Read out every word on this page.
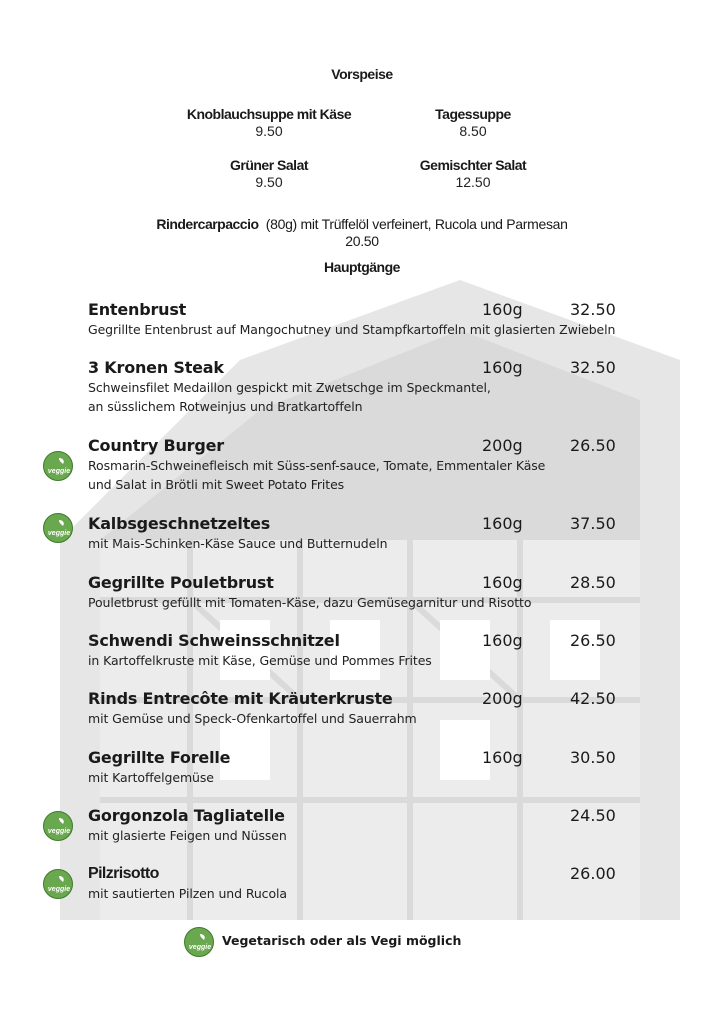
Vorspeise
Knoblauchsuppe mit Käse
9.50
Tagessuppe
8.50
Grüner Salat
9.50
Gemischter Salat
12.50
Rindercarpaccio (80g) mit Trüffelöl verfeinert, Rucola und Parmesan
20.50
Hauptgänge
Entenbrust
Gegrillte Entenbrust auf Mangochutney und Stampfkartoffeln mit glasierten Zwiebeln
160g	32.50
3 Kronen Steak
Schweinsfilet Medaillon gespickt mit Zwetschge im Speckmantel,
an süsslichem Rotweinjus und Bratkartoffeln
160g	32.50
Country Burger
Rosmarin-Schweinefleisch mit Süss-senf-sauce, Tomate, Emmentaler Käse
und Salat in Brötli mit Sweet Potato Frites
200g	26.50
Kalbsgeschnetzeltes
mit Mais-Schinken-Käse Sauce und Butternudeln
160g	37.50
Gegrillte Pouletbrust
Pouletbrust gefüllt mit Tomaten-Käse, dazu Gemüsegarnitur und Risotto
160g	28.50
Schwendi Schweinsschnitzel
in Kartoffelkruste mit Käse, Gemüse und Pommes Frites
160g	26.50
Rinds Entrecôte mit Kräuterkruste
mit Gemüse und Speck-Ofenkartoffel und Sauerrahm
200g	42.50
Gegrillte Forelle
mit Kartoffelgemüse
160g	30.50
Gorgonzola Tagliatelle
mit glasierte Feigen und Nüssen
24.50
Pilzrisotto
mit sautierten Pilzen und Rucola
26.00
veggie
veggie
veggie
veggie
veggie Vegetarisch oder als Vegi möglich
